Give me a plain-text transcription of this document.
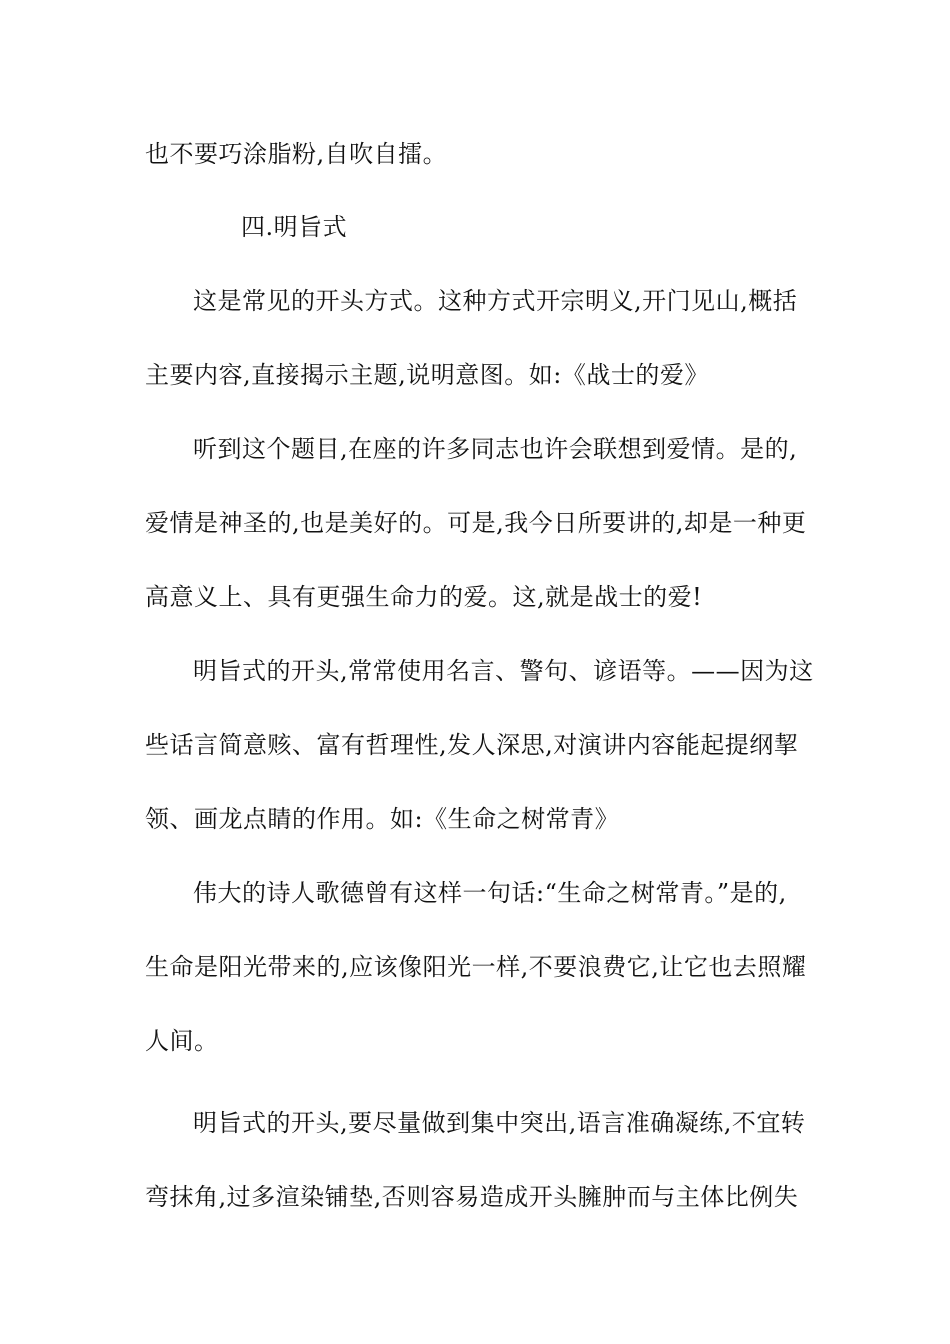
也不要巧涂脂粉,自吹自擂。
四.明旨式
这是常见的开头方式。这种方式开宗明义,开门见山,概括
主要内容,直接揭示主题,说明意图。如:《战士的爱》
听到这个题目,在座的许多同志也许会联想到爱情。是的,
爱情是神圣的,也是美好的。可是,我今日所要讲的,却是一种更
高意义上、具有更强生命力的爱。这,就是战士的爱!
明旨式的开头,常常使用名言、警句、谚语等。——因为这
些话言简意赅、富有哲理性,发人深思,对演讲内容能起提纲挈
领、画龙点睛的作用。如:《生命之树常青》
伟大的诗人歌德曾有这样一句话:“生命之树常青。”是的,
生命是阳光带来的,应该像阳光一样,不要浪费它,让它也去照耀
人间。
明旨式的开头,要尽量做到集中突出,语言准确凝练,不宜转
弯抹角,过多渲染铺垫,否则容易造成开头臃肿而与主体比例失
